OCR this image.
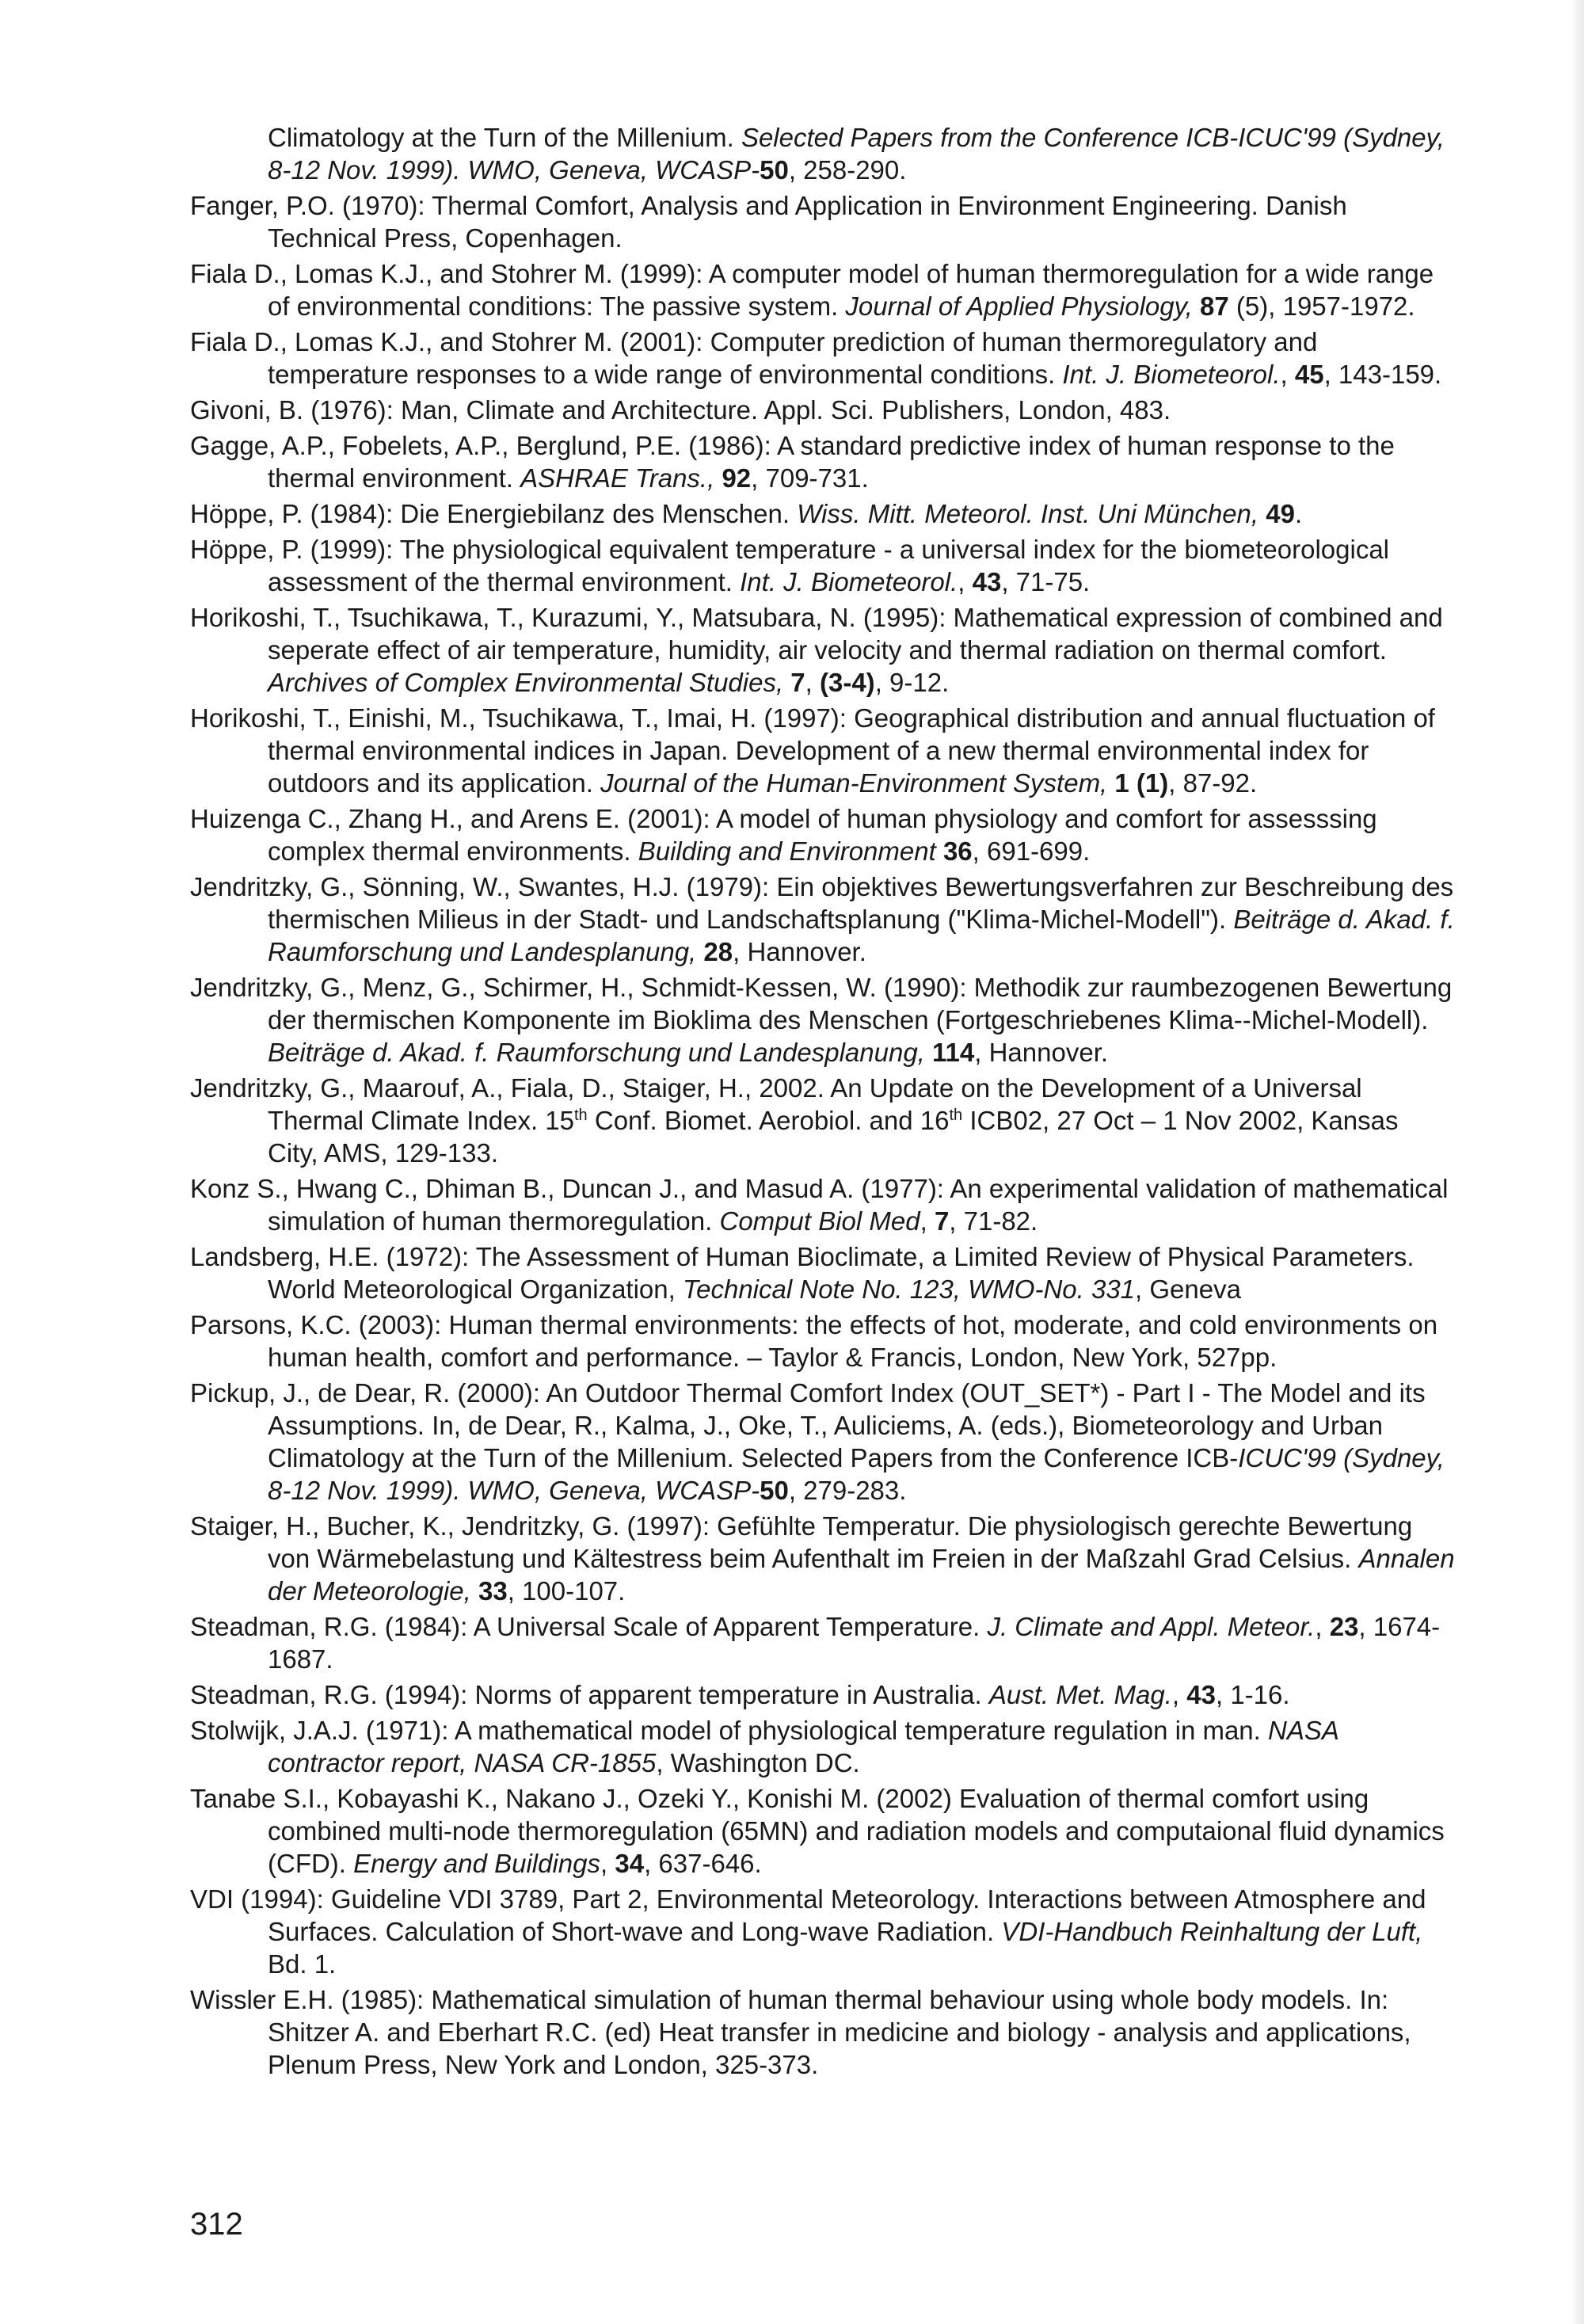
Climatology at the Turn of the Millenium. Selected Papers from the Conference ICB-ICUC'99 (Sydney, 8-12 Nov. 1999). WMO, Geneva, WCASP-50, 258-290.

Fanger, P.O. (1970): Thermal Comfort, Analysis and Application in Environment Engineering. Danish Technical Press, Copenhagen.

Fiala D., Lomas K.J., and Stohrer M. (1999): A computer model of human thermoregulation for a wide range of environmental conditions: The passive system. Journal of Applied Physiology, 87 (5), 1957-1972.

Fiala D., Lomas K.J., and Stohrer M. (2001): Computer prediction of human thermoregulatory and temperature responses to a wide range of environmental conditions. Int. J. Biometeorol., 45, 143-159.

Givoni, B. (1976): Man, Climate and Architecture. Appl. Sci. Publishers, London, 483.

Gagge, A.P., Fobelets, A.P., Berglund, P.E. (1986): A standard predictive index of human response to the thermal environment. ASHRAE Trans., 92, 709-731.

Höppe, P. (1984): Die Energiebilanz des Menschen. Wiss. Mitt. Meteorol. Inst. Uni München, 49.

Höppe, P. (1999): The physiological equivalent temperature - a universal index for the biometeorological assessment of the thermal environment. Int. J. Biometeorol., 43, 71-75.

Horikoshi, T., Tsuchikawa, T., Kurazumi, Y., Matsubara, N. (1995): Mathematical expression of combined and seperate effect of air temperature, humidity, air velocity and thermal radiation on thermal comfort. Archives of Complex Environmental Studies, 7, (3-4), 9-12.

Horikoshi, T., Einishi, M., Tsuchikawa, T., Imai, H. (1997): Geographical distribution and annual fluctuation of thermal environmental indices in Japan. Development of a new thermal environmental index for outdoors and its application. Journal of the Human-Environment System, 1 (1), 87-92.

Huizenga C., Zhang H., and Arens E. (2001): A model of human physiology and comfort for assesssing complex thermal environments. Building and Environment 36, 691-699.

Jendritzky, G., Sönning, W., Swantes, H.J. (1979): Ein objektives Bewertungsverfahren zur Beschreibung des thermischen Milieus in der Stadt- und Landschaftsplanung ("Klima-Michel-Modell"). Beiträge d. Akad. f. Raumforschung und Landesplanung, 28, Hannover.

Jendritzky, G., Menz, G., Schirmer, H., Schmidt-Kessen, W. (1990): Methodik zur raumbezogenen Bewertung der thermischen Komponente im Bioklima des Menschen (Fortgeschriebenes Klima--Michel-Modell). Beiträge d. Akad. f. Raumforschung und Landesplanung, 114, Hannover.

Jendritzky, G., Maarouf, A., Fiala, D., Staiger, H., 2002. An Update on the Development of a Universal Thermal Climate Index. 15th Conf. Biomet. Aerobiol. and 16th ICB02, 27 Oct – 1 Nov 2002, Kansas City, AMS, 129-133.

Konz S., Hwang C., Dhiman B., Duncan J., and Masud A. (1977): An experimental validation of mathematical simulation of human thermoregulation. Comput Biol Med, 7, 71-82.

Landsberg, H.E. (1972): The Assessment of Human Bioclimate, a Limited Review of Physical Parameters. World Meteorological Organization, Technical Note No. 123, WMO-No. 331, Geneva

Parsons, K.C. (2003): Human thermal environments: the effects of hot, moderate, and cold environments on human health, comfort and performance. – Taylor & Francis, London, New York, 527pp.

Pickup, J., de Dear, R. (2000): An Outdoor Thermal Comfort Index (OUT_SET*) - Part I - The Model and its Assumptions. In, de Dear, R., Kalma, J., Oke, T., Auliciems, A. (eds.), Biometeorology and Urban Climatology at the Turn of the Millenium. Selected Papers from the Conference ICB-ICUC'99 (Sydney, 8-12 Nov. 1999). WMO, Geneva, WCASP-50, 279-283.

Staiger, H., Bucher, K., Jendritzky, G. (1997): Gefühlte Temperatur. Die physiologisch gerechte Bewertung von Wärmebelastung und Kältestress beim Aufenthalt im Freien in der Maßzahl Grad Celsius. Annalen der Meteorologie, 33, 100-107.

Steadman, R.G. (1984): A Universal Scale of Apparent Temperature. J. Climate and Appl. Meteor., 23, 1674-1687.

Steadman, R.G. (1994): Norms of apparent temperature in Australia. Aust. Met. Mag., 43, 1-16.

Stolwijk, J.A.J. (1971): A mathematical model of physiological temperature regulation in man. NASA contractor report, NASA CR-1855, Washington DC.

Tanabe S.I., Kobayashi K., Nakano J., Ozeki Y., Konishi M. (2002) Evaluation of thermal comfort using combined multi-node thermoregulation (65MN) and radiation models and computaional fluid dynamics (CFD). Energy and Buildings, 34, 637-646.

VDI (1994): Guideline VDI 3789, Part 2, Environmental Meteorology. Interactions between Atmosphere and Surfaces. Calculation of Short-wave and Long-wave Radiation. VDI-Handbuch Reinhaltung der Luft, Bd. 1.

Wissler E.H. (1985): Mathematical simulation of human thermal behaviour using whole body models. In: Shitzer A. and Eberhart R.C. (ed) Heat transfer in medicine and biology - analysis and applications, Plenum Press, New York and London, 325-373.

312
